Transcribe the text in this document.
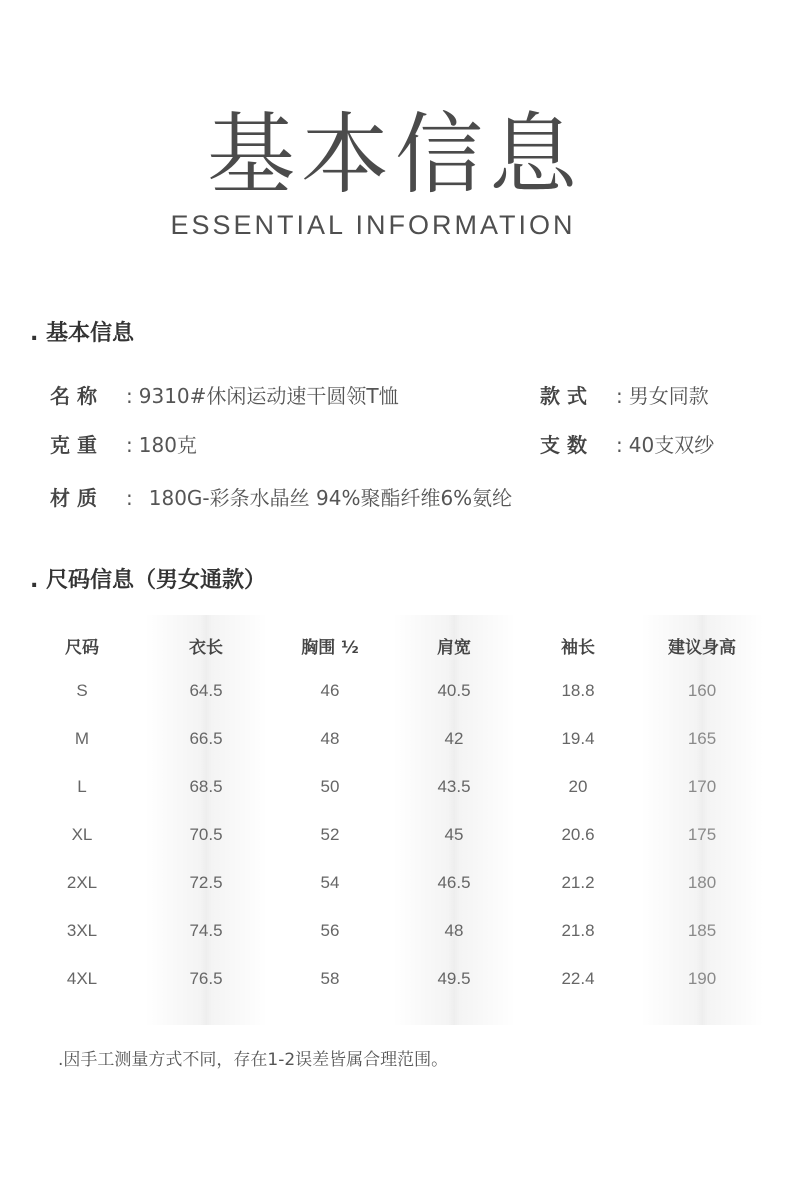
基本信息
ESSENTIAL INFORMATION
. 基本信息
名 称 : 9310#休闲运动速干圆领T恤	款 式 : 男女同款
克 重 : 180克	支 数 : 40支双纱
材 质 : 180G-彩条水晶丝 94%聚酯纤维6%氨纶
. 尺码信息（男女通款）
尺码
S
M
L
XL
2XL
3XL
4XL
衣长
64.5
66.5
68.5
70.5
72.5
74.5
76.5
胸围 ½
46
48
50
52
54
56
58
肩宽
40.5
42
43.5
45
46.5
48
49.5
袖长
18.8
19.4
20
20.6
21.2
21.8
22.4
建议身高
160
165
170
175
180
185
190
.因手工测量方式不同，存在1-2误差皆属合理范围。
